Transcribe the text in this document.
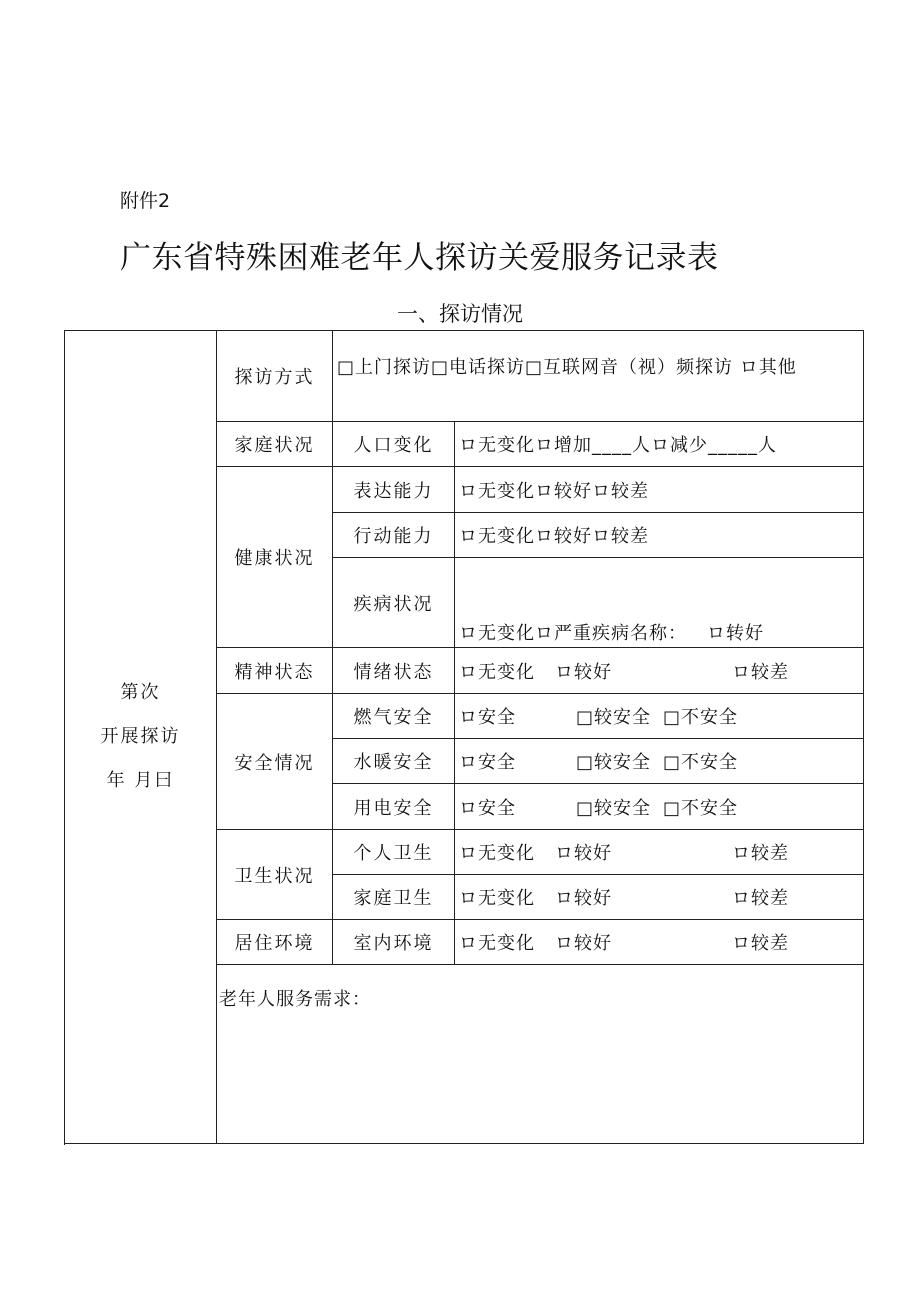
附件2
广东省特殊困难老年人探访关爱服务记录表
一、探访情况
第次
开展探访
年 月曰	探访方式	□上门探访□电话探访□互联网音（视）频探访 ロ其他	
	家庭状况	人口变化	ロ无变化ロ增加____人ロ减少_____人
	健康状况	表达能力	ロ无变化ロ较好ロ较差
		行动能力	ロ无变化ロ较好ロ较差
		疾病状况	ロ无变化ロ严重疾病名称： ロ转好
	精神状态	情绪状态	ロ无变化 ロ较好 ロ较差
	安全情况	燃气安全	ロ安全 □较安全 □不安全
		水暖安全	ロ安全 □较安全 □不安全
		用电安全	ロ安全 □较安全 □不安全
	卫生状况	个人卫生	ロ无变化 ロ较好 ロ较差
		家庭卫生	ロ无变化 ロ较好 ロ较差
	居住环境	室内环境	ロ无变化 ロ较好 ロ较差
	老年人服务需求：		
